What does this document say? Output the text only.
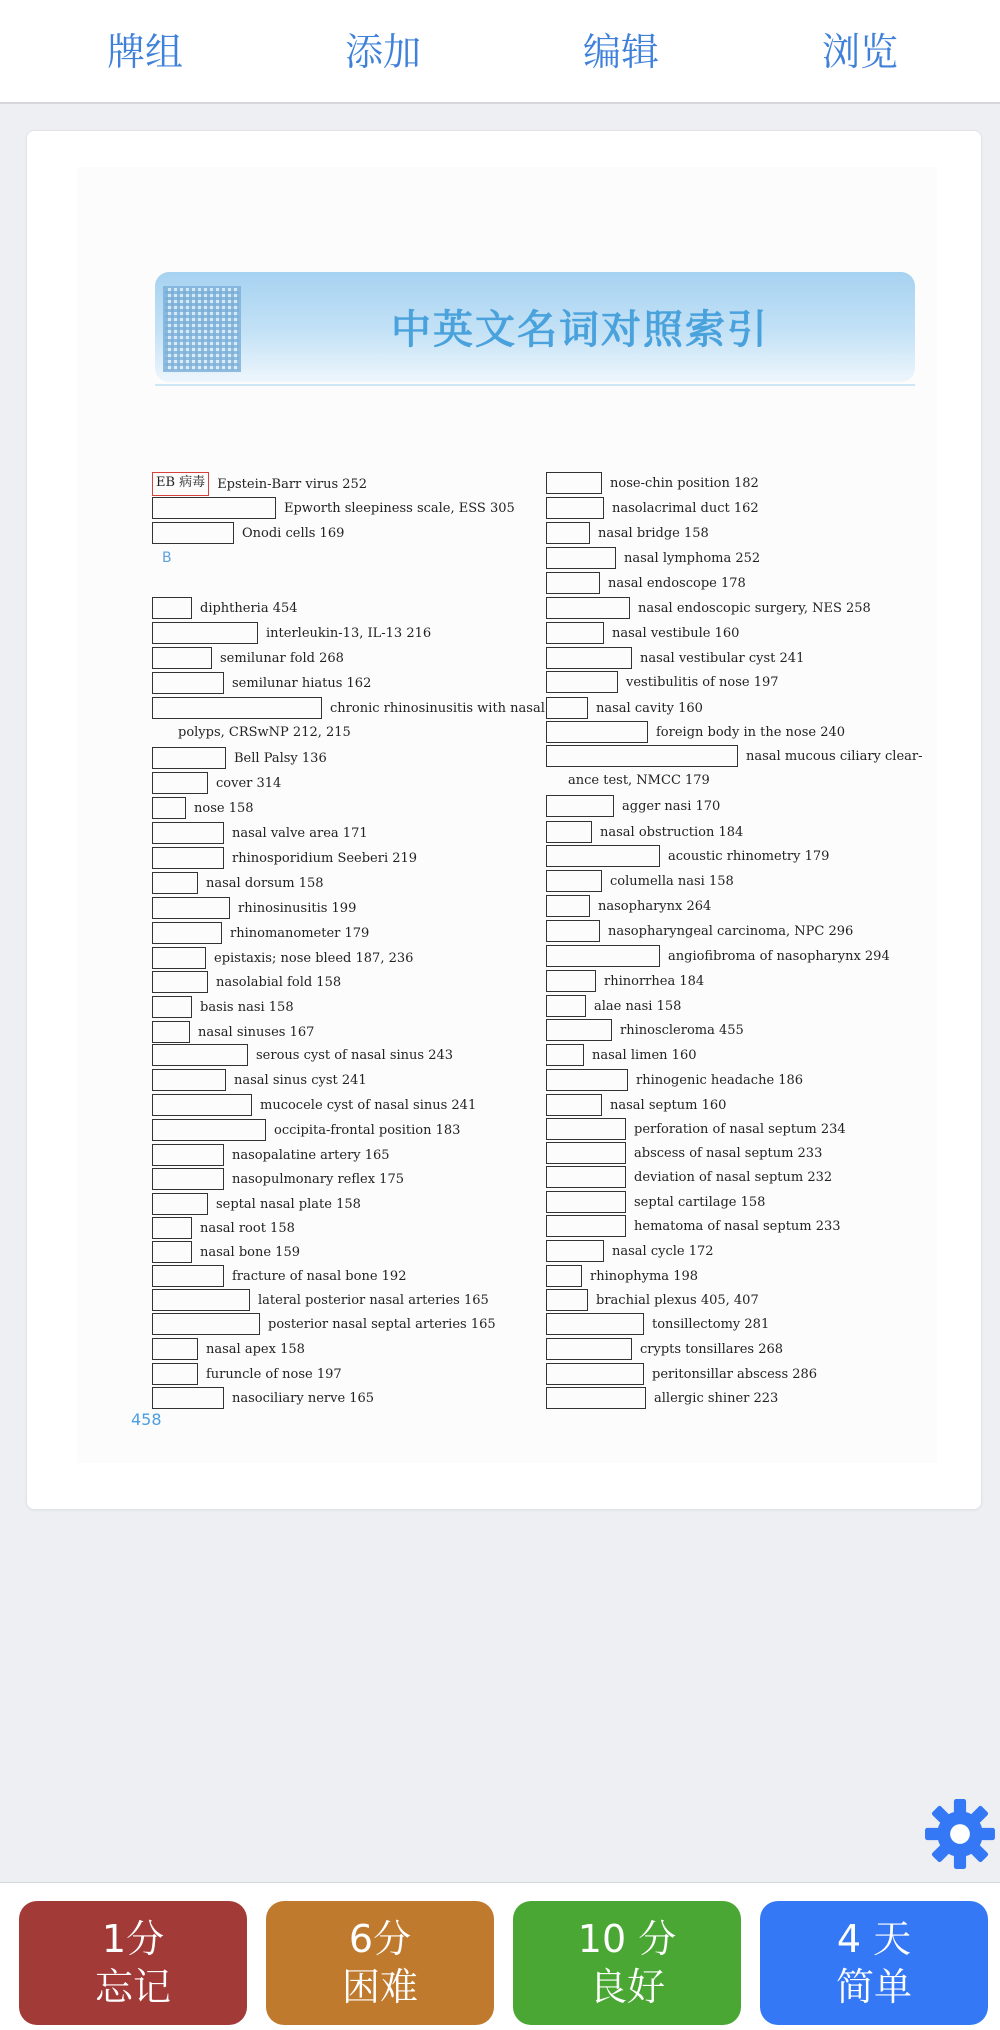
牌组	添加	编辑	浏览
中英文名词对照索引
B
EB 病毒 Epstein-Barr virus 252
Epworth sleepiness scale, ESS 305
Onodi cells 169
diphtheria 454
interleukin-13, IL-13 216
semilunar fold 268
semilunar hiatus 162
chronic rhinosinusitis with nasal
polyps, CRSwNP 212, 215
Bell Palsy 136
cover 314
nose 158
nasal valve area 171
rhinosporidium Seeberi 219
nasal dorsum 158
rhinosinusitis 199
rhinomanometer 179
epistaxis; nose bleed 187, 236
nasolabial fold 158
basis nasi 158
nasal sinuses 167
serous cyst of nasal sinus 243
nasal sinus cyst 241
mucocele cyst of nasal sinus 241
occipita-frontal position 183
nasopalatine artery 165
nasopulmonary reflex 175
septal nasal plate 158
nasal root 158
nasal bone 159
fracture of nasal bone 192
lateral posterior nasal arteries 165
posterior nasal septal arteries 165
nasal apex 158
furuncle of nose 197
nasociliary nerve 165
nose-chin position 182
nasolacrimal duct 162
nasal bridge 158
nasal lymphoma 252
nasal endoscope 178
nasal endoscopic surgery, NES 258
nasal vestibule 160
nasal vestibular cyst 241
vestibulitis of nose 197
nasal cavity 160
foreign body in the nose 240
nasal mucous ciliary clear-
ance test, NMCC 179
agger nasi 170
nasal obstruction 184
acoustic rhinometry 179
columella nasi 158
nasopharynx 264
nasopharyngeal carcinoma, NPC 296
angiofibroma of nasopharynx 294
rhinorrhea 184
alae nasi 158
rhinoscleroma 455
nasal limen 160
rhinogenic headache 186
nasal septum 160
perforation of nasal septum 234
abscess of nasal septum 233
deviation of nasal septum 232
septal cartilage 158
hematoma of nasal septum 233
nasal cycle 172
rhinophyma 198
brachial plexus 405, 407
tonsillectomy 281
crypts tonsillares 268
peritonsillar abscess 286
allergic shiner 223
458
1分
忘记
6分
困难
10 分
良好
4 天
简单
